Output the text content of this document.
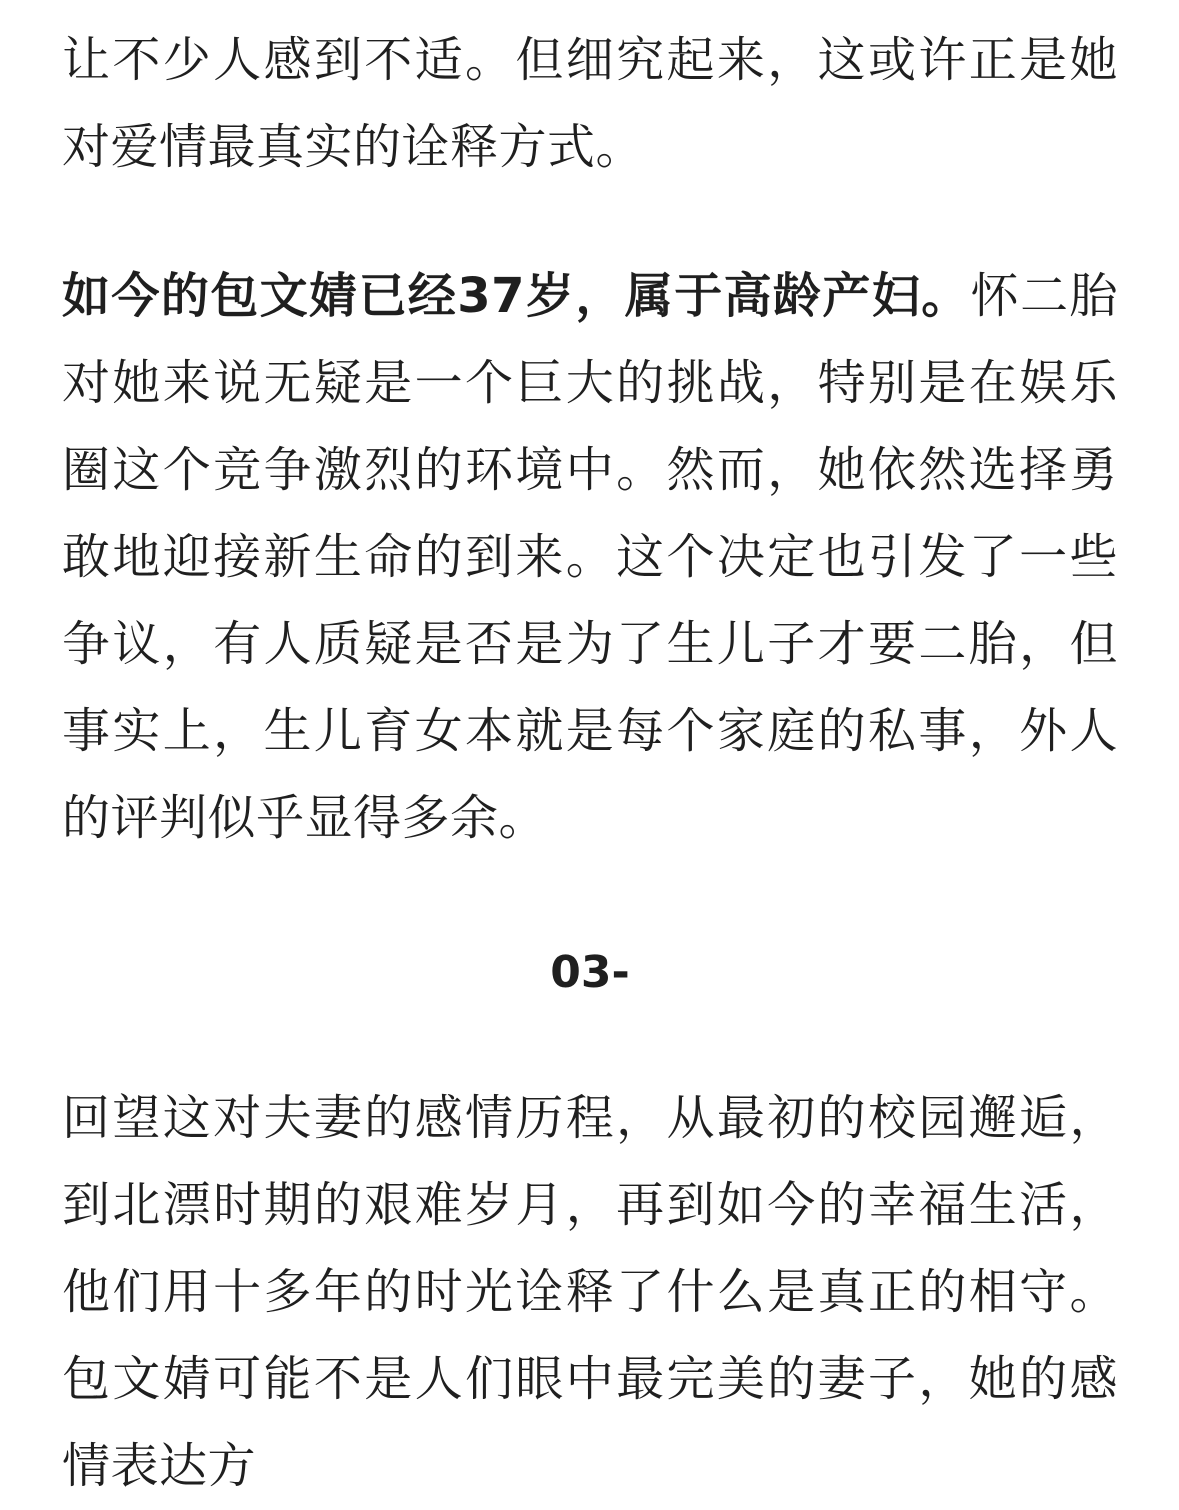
让不少人感到不适。但细究起来，这或许正是她对爱情最真实的诠释方式。

如今的包文婧已经37岁，属于高龄产妇。怀二胎对她来说无疑是一个巨大的挑战，特别是在娱乐圈这个竞争激烈的环境中。然而，她依然选择勇敢地迎接新生命的到来。这个决定也引发了一些争议，有人质疑是否是为了生儿子才要二胎，但事实上，生儿育女本就是每个家庭的私事，外人的评判似乎显得多余。

03-

回望这对夫妻的感情历程，从最初的校园邂逅，到北漂时期的艰难岁月，再到如今的幸福生活，他们用十多年的时光诠释了什么是真正的相守。包文婧可能不是人们眼中最完美的妻子，她的感情表达方
